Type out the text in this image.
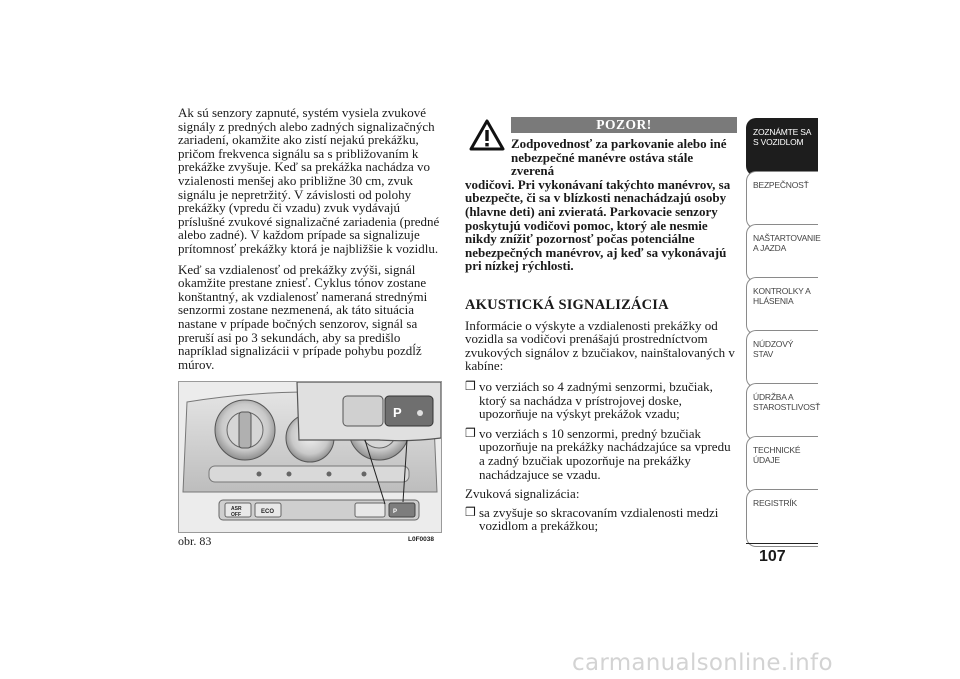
Ak sú senzory zapnuté, systém vysiela zvukové signály z predných alebo zadných signalizačných zariadení, okamžite ako zistí nejakú prekážku, pričom frekvenca signálu sa s približovaním k prekážke zvyšuje. Keď sa prekážka nachádza vo vzialenosti menšej ako približne 30 cm, zvuk signálu je nepretržitý. V závislosti od polohy prekážky (vpredu či vzadu) zvuk vydávajú príslušné zvukové signalizačné zariadenia (predné alebo zadné). V každom prípade sa signalizuje prítomnosť prekážky ktorá je najbližšie k vozidlu.

Keď sa vzdialenosť od prekážky zvýši, signál okamžite prestane zniesť. Cyklus tónov zostane konštantný, ak vzdialenosť nameraná strednými senzormi zostane nezmenená, ak táto situácia nastane v prípade bočných senzorov, signál sa preruší asi po 3 sekundách, aby sa predišlo napríklad signalizácii v prípade pohybu pozdĺž múrov.

POZOR!
Zodpovednosť za parkovanie alebo iné nebezpečné manévre ostáva stále zverená
vodičovi. Pri vykonávaní takýchto manévrov, sa ubezpečte, či sa v blízkosti nenachádzajú osoby (hlavne deti) ani zvieratá. Parkovacie senzory poskytujú vodičovi pomoc, ktorý ale nesmie nikdy znížiť pozornosť počas potenciálne nebezpečných manévrov, aj keď sa vykonávajú pri nízkej rýchlosti.
AKUSTICKÁ SIGNALIZÁCIA

Informácie o výskyte a vzdialenosti prekážky od vozidla sa vodičovi prenášajú prostredníctvom zvukových signálov z bzučiakov, nainštalovaných v kabíne:

❒ vo verziách so 4 zadnými senzormi, bzučiak, ktorý sa nachádza v prístrojovej doske, upozorňuje na výskyt prekážok vzadu;
❒ vo verziách s 10 senzormi, predný bzučiak upozorňuje na prekážky nachádzajúce sa vpredu a zadný bzučiak upozorňuje na prekážky nachádzajuce se vzadu.

Zvuková signalizácia:

❒ sa zvyšuje so skracovaním vzdialenosti medzi vozidlom a prekážkou;
ASR
OFF	ECO	P
P
obr. 83	L0F0038
ZOZNÁMTE SA S VOZIDLOM
BEZPEČNOSŤ
NAŠTARTOVANIE A JAZDA
KONTROLKY A HLÁSENIA
NÚDZOVÝ STAV
ÚDRŽBA A STAROSTLIVOSŤ
TECHNICKÉ ÚDAJE
REGISTRÍK
107
carmanualsonline.info
